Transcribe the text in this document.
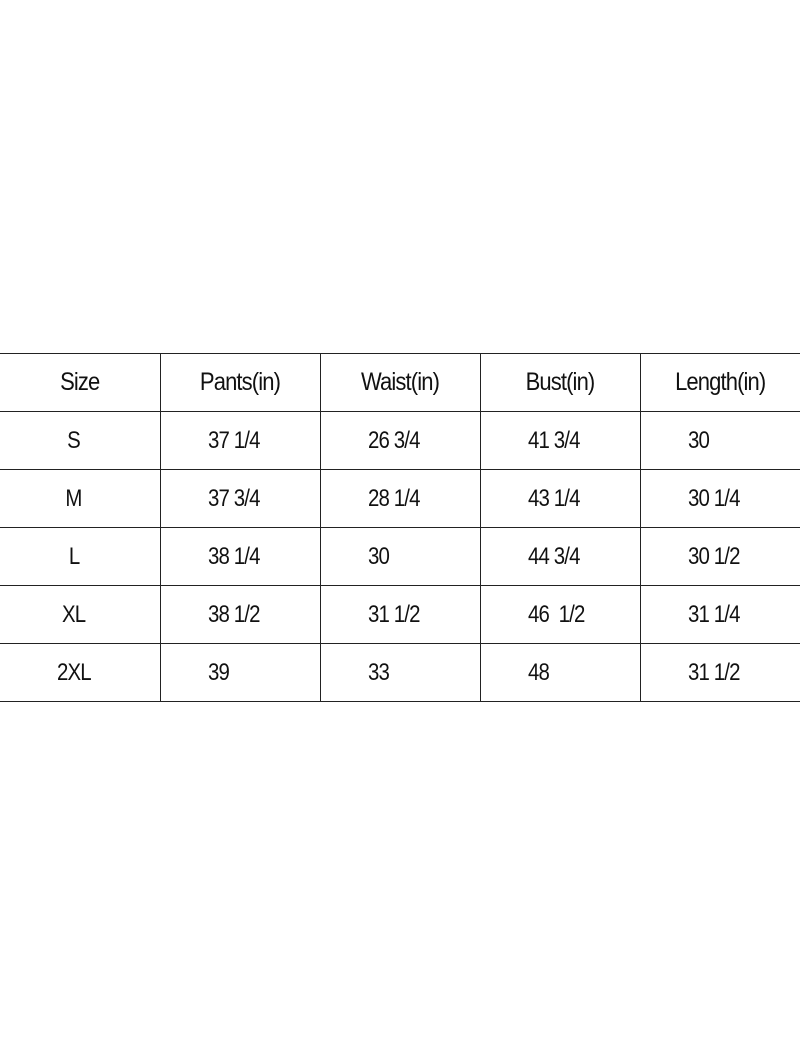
Size	Pants(in)	Waist(in)	Bust(in)	Length(in)
S	37 1/4	26 3/4	41 3/4	30
M	37 3/4	28 1/4	43 1/4	30 1/4
L	38 1/4	30	44 3/4	30 1/2
XL	38 1/2	31 1/2	46  1/2	31 1/4
2XL	39	33	48	31 1/2
